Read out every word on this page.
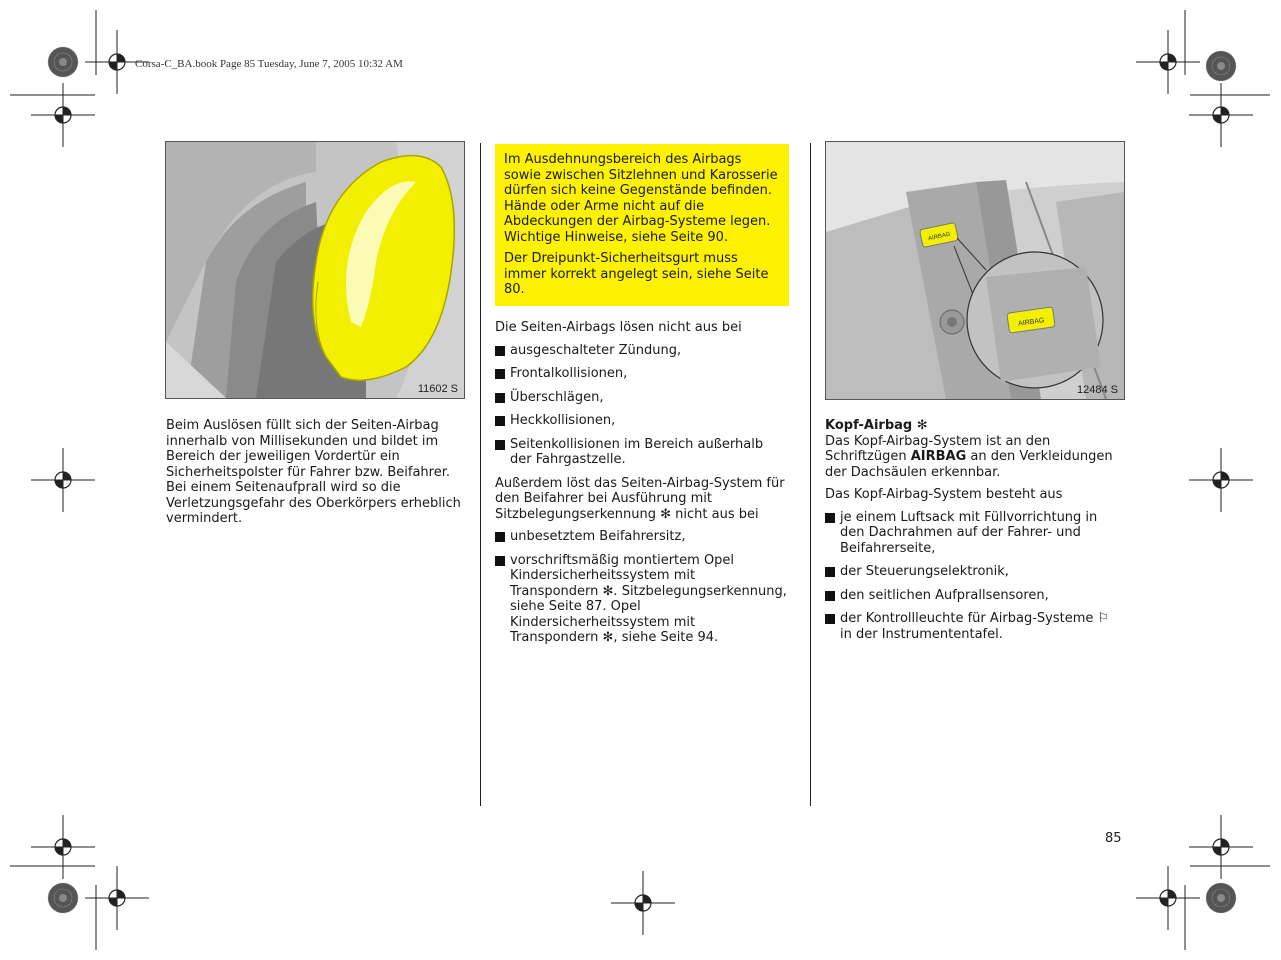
Corsa-C_BA.book Page 85 Tuesday, June 7, 2005 10:32 AM
11602 S

Beim Auslösen füllt sich der Seiten-Airbag innerhalb von Millisekunden und bildet im Bereich der jeweiligen Vordertür ein Sicherheitspolster für Fahrer bzw. Beifahrer. Bei einem Seitenaufprall wird so die Verletzungsgefahr des Oberkörpers erheblich vermindert.

Im Ausdehnungsbereich des Airbags sowie zwischen Sitzlehnen und Karosserie dürfen sich keine Gegenstände befinden. Hände oder Arme nicht auf die Abdeckungen der Airbag-Systeme legen. Wichtige Hinweise, siehe Seite 90.

Der Dreipunkt-Sicherheitsgurt muss immer korrekt angelegt sein, siehe Seite 80.

Die Seiten-Airbags lösen nicht aus bei

ausgeschalteter Zündung,
Frontalkollisionen,
Überschlägen,
Heckkollisionen,
Seitenkollisionen im Bereich außerhalb der Fahrgastzelle.

Außerdem löst das Seiten-Airbag-System für den Beifahrer bei Ausführung mit Sitzbelegungserkennung ✻ nicht aus bei

unbesetztem Beifahrersitz,
vorschriftsmäßig montiertem Opel Kindersicherheitssystem mit Transpondern ✻. Sitzbelegungserkennung, siehe Seite 87. Opel Kindersicherheitssystem mit Transpondern ✻, siehe Seite 94.
AIRBAG
AIRBAG
12484 S
Kopf-Airbag ✻

Das Kopf-Airbag-System ist an den Schriftzügen AIRBAG an den Verkleidungen der Dachsäulen erkennbar.

Das Kopf-Airbag-System besteht aus

je einem Luftsack mit Füllvorrichtung in den Dachrahmen auf der Fahrer- und Beifahrerseite,
der Steuerungselektronik,
den seitlichen Aufprallsensoren,
der Kontrollleuchte für Airbag-Systeme ⚐ in der Instrumententafel.
85
